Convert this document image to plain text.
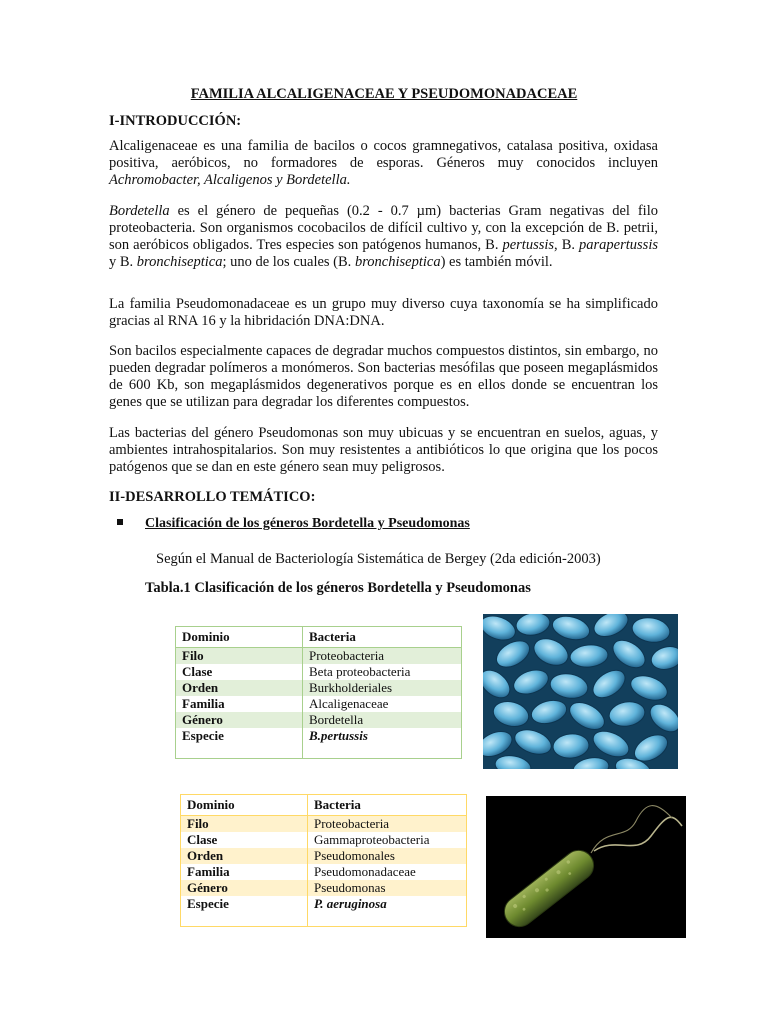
FAMILIA ALCALIGENACEAE Y PSEUDOMONADACEAE
I-INTRODUCCIÓN:

Alcaligenaceae es una familia de bacilos o cocos gramnegativos, catalasa positiva, oxidasa positiva, aeróbicos, no formadores de esporas. Géneros muy conocidos incluyen Achromobacter, Alcaligenos y Bordetella.

Bordetella es el género de pequeñas (0.2 - 0.7 µm) bacterias Gram negativas del filo proteobacteria. Son organismos cocobacilos de difícil cultivo y, con la excepción de B. petrii, son aeróbicos obligados. Tres especies son patógenos humanos, B. pertussis, B. parapertussis y B. bronchiseptica; uno de los cuales (B. bronchiseptica) es también móvil.

La familia Pseudomonadaceae es un grupo muy diverso cuya taxonomía se ha simplificado gracias al RNA 16 y la hibridación DNA:DNA.

Son bacilos especialmente capaces de degradar muchos compuestos distintos, sin embargo, no pueden degradar polímeros a monómeros. Son bacterias mesófilas que poseen megaplásmidos de 600 Kb, son megaplásmidos degenerativos porque es en ellos donde se encuentran los genes que se utilizan para degradar los diferentes compuestos.

Las bacterias del género Pseudomonas son muy ubicuas y se encuentran en suelos, aguas, y ambientes intrahospitalarios. Son muy resistentes a antibióticos lo que origina que los pocos patógenos que se dan en este género sean muy peligrosos.

II-DESARROLLO TEMÁTICO:
Clasificación de los géneros Bordetella y Pseudomonas
Según el Manual de Bacteriología Sistemática de Bergey (2da edición-2003)
Tabla.1 Clasificación de los géneros Bordetella y Pseudomonas
Dominio	Bacteria
Filo	Proteobacteria
Clase	Beta proteobacteria
Orden	Burkholderiales
Familia	Alcaligenaceae
Género	Bordetella
Especie	B.pertussis
Dominio	Bacteria
Filo	Proteobacteria
Clase	Gammaproteobacteria
Orden	Pseudomonales
Familia	Pseudomonadaceae
Género	Pseudomonas
Especie	P. aeruginosa
